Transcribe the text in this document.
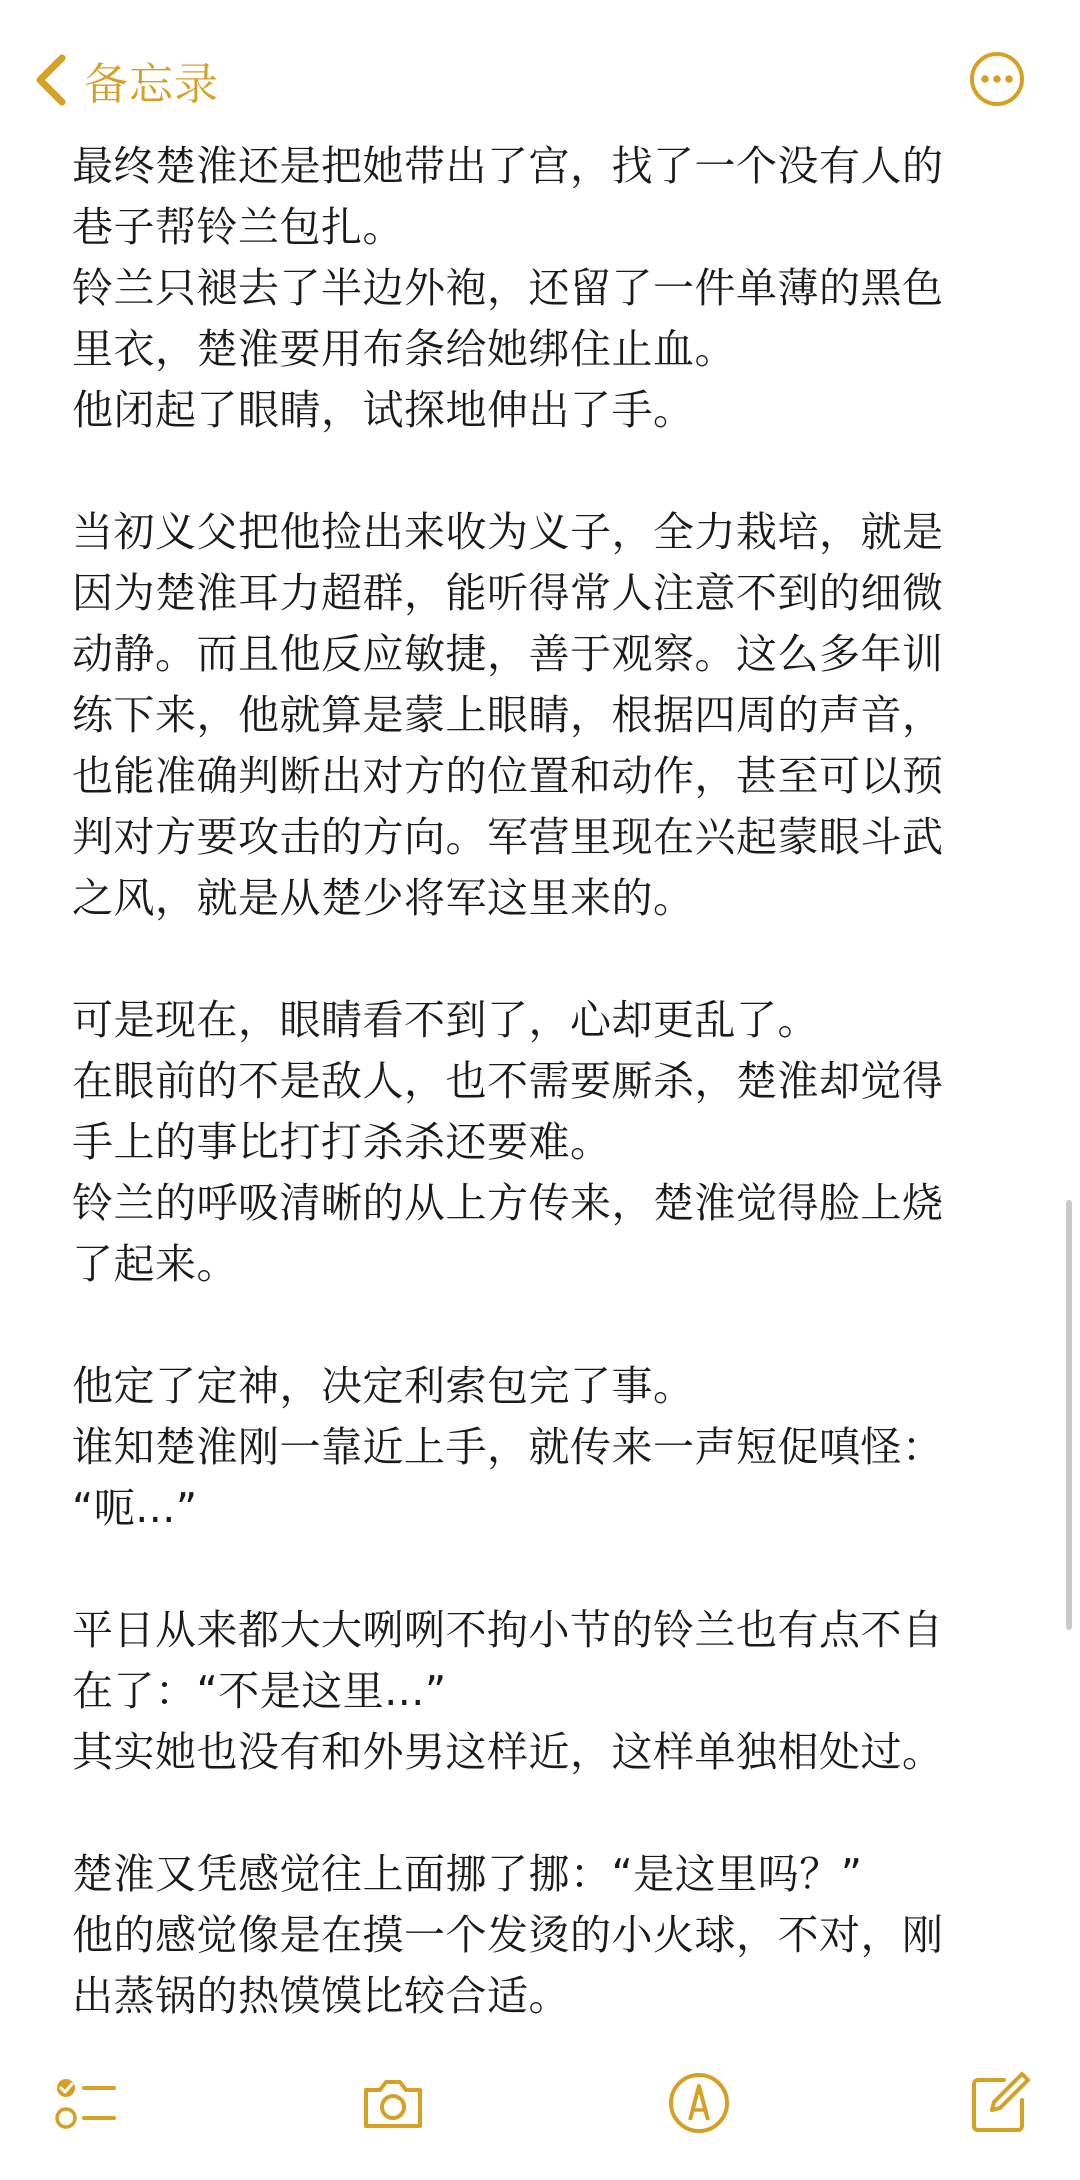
备忘录
最终楚淮还是把她带出了宫，找了一个没有人的
巷子帮铃兰包扎。
铃兰只褪去了半边外袍，还留了一件单薄的黑色
里衣，楚淮要用布条给她绑住止血。
他闭起了眼睛，试探地伸出了手。
当初义父把他捡出来收为义子，全力栽培，就是
因为楚淮耳力超群，能听得常人注意不到的细微
动静。而且他反应敏捷，善于观察。这么多年训
练下来，他就算是蒙上眼睛，根据四周的声音，
也能准确判断出对方的位置和动作，甚至可以预
判对方要攻击的方向。军营里现在兴起蒙眼斗武
之风，就是从楚少将军这里来的。
可是现在，眼睛看不到了，心却更乱了。
在眼前的不是敌人，也不需要厮杀，楚淮却觉得
手上的事比打打杀杀还要难。
铃兰的呼吸清晰的从上方传来，楚淮觉得脸上烧
了起来。
他定了定神，决定利索包完了事。
谁知楚淮刚一靠近上手，就传来一声短促嗔怪：
“呃...”
平日从来都大大咧咧不拘小节的铃兰也有点不自
在了：“不是这里...”
其实她也没有和外男这样近，这样单独相处过。
楚淮又凭感觉往上面挪了挪：“是这里吗？”
他的感觉像是在摸一个发烫的小火球，不对，刚
出蒸锅的热馍馍比较合适。
